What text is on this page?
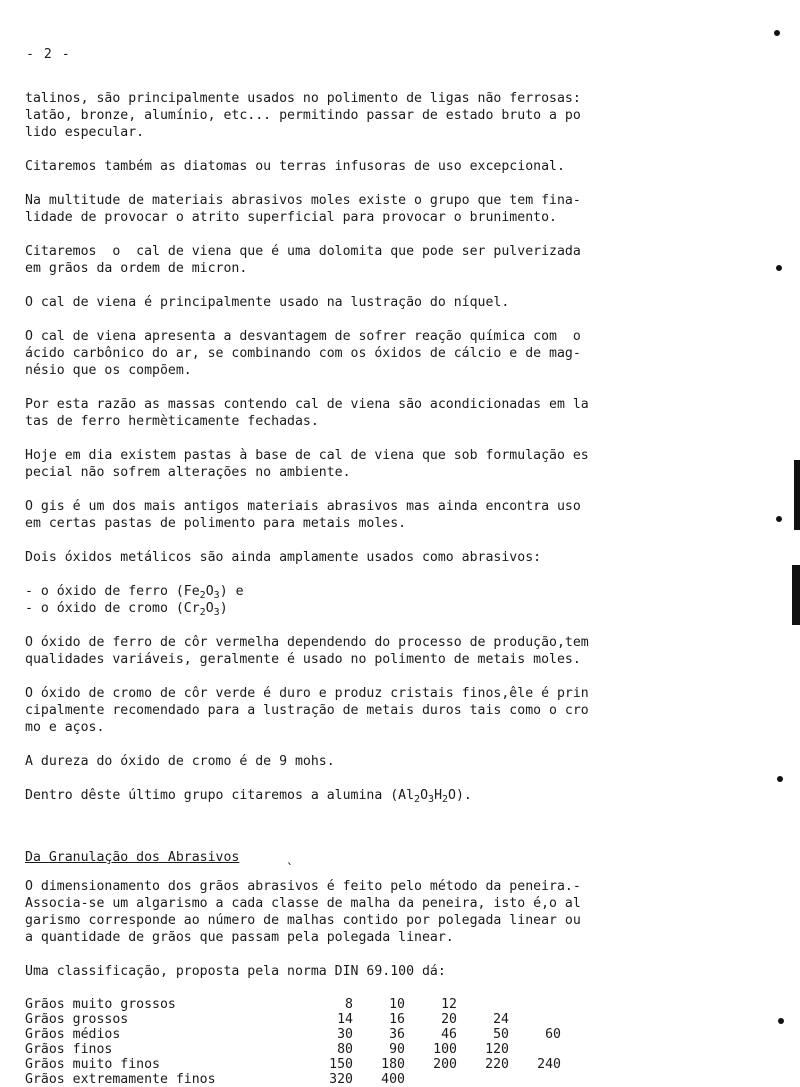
- 2 -

talinos, são principalmente usados no polimento de ligas não ferrosas:
latão, bronze, alumínio, etc... permitindo passar de estado bruto a po
lido especular.

Citaremos também as diatomas ou terras infusoras de uso excepcional.

Na multitude de materiais abrasivos moles existe o grupo que tem fina-
lidade de provocar o atrito superficial para provocar o brunimento.

Citaremos  o  cal de viena que é uma dolomita que pode ser pulverizada
em grãos da ordem de micron.

O cal de viena é principalmente usado na lustração do níquel.

O cal de viena apresenta a desvantagem de sofrer reação química com  o
ácido carbônico do ar, se combinando com os óxidos de cálcio e de mag-
nésio que os compõem.

Por esta razão as massas contendo cal de viena são acondicionadas em la
tas de ferro hermèticamente fechadas.

Hoje em dia existem pastas à base de cal de viena que sob formulação es
pecial não sofrem alterações no ambiente.

O gis é um dos mais antigos materiais abrasivos mas ainda encontra uso
em certas pastas de polimento para metais moles.

Dois óxidos metálicos são ainda amplamente usados como abrasivos:

- o óxido de ferro $(Fe_2O_3)$ e
- o óxido de cromo $(Cr_2O_3)$

O óxido de ferro de côr vermelha dependendo do processo de produção,tem
qualidades variáveis, geralmente é usado no polimento de metais moles.

O óxido de cromo de côr verde é duro e produz cristais finos,êle é prin
cipalmente recomendado para a lustração de metais duros tais como o cro
mo e aços.

A dureza do óxido de cromo é de 9 mohs.

Dentro dêste último grupo citaremos a alumina $(Al_2O_3H_2O)$.

Da Granulação dos Abrasivos	ˎ

O dimensionamento dos grãos abrasivos é feito pelo método da peneira.-
Associa-se um algarismo a cada classe de malha da peneira, isto é,o al
garismo corresponde ao número de malhas contido por polegada linear ou
a quantidade de grãos que passam pela polegada linear.

Uma classificação, proposta pela norma DIN 69.100 dá:

Grãos muito grossos	8	10	12		
Grãos grossos	14	16	20	24	
Grãos médios	30	36	46	50	60
Grãos finos	80	90	100	120	
Grãos muito finos	150	180	200	220	240
Grãos extremamente finos	320	400			
